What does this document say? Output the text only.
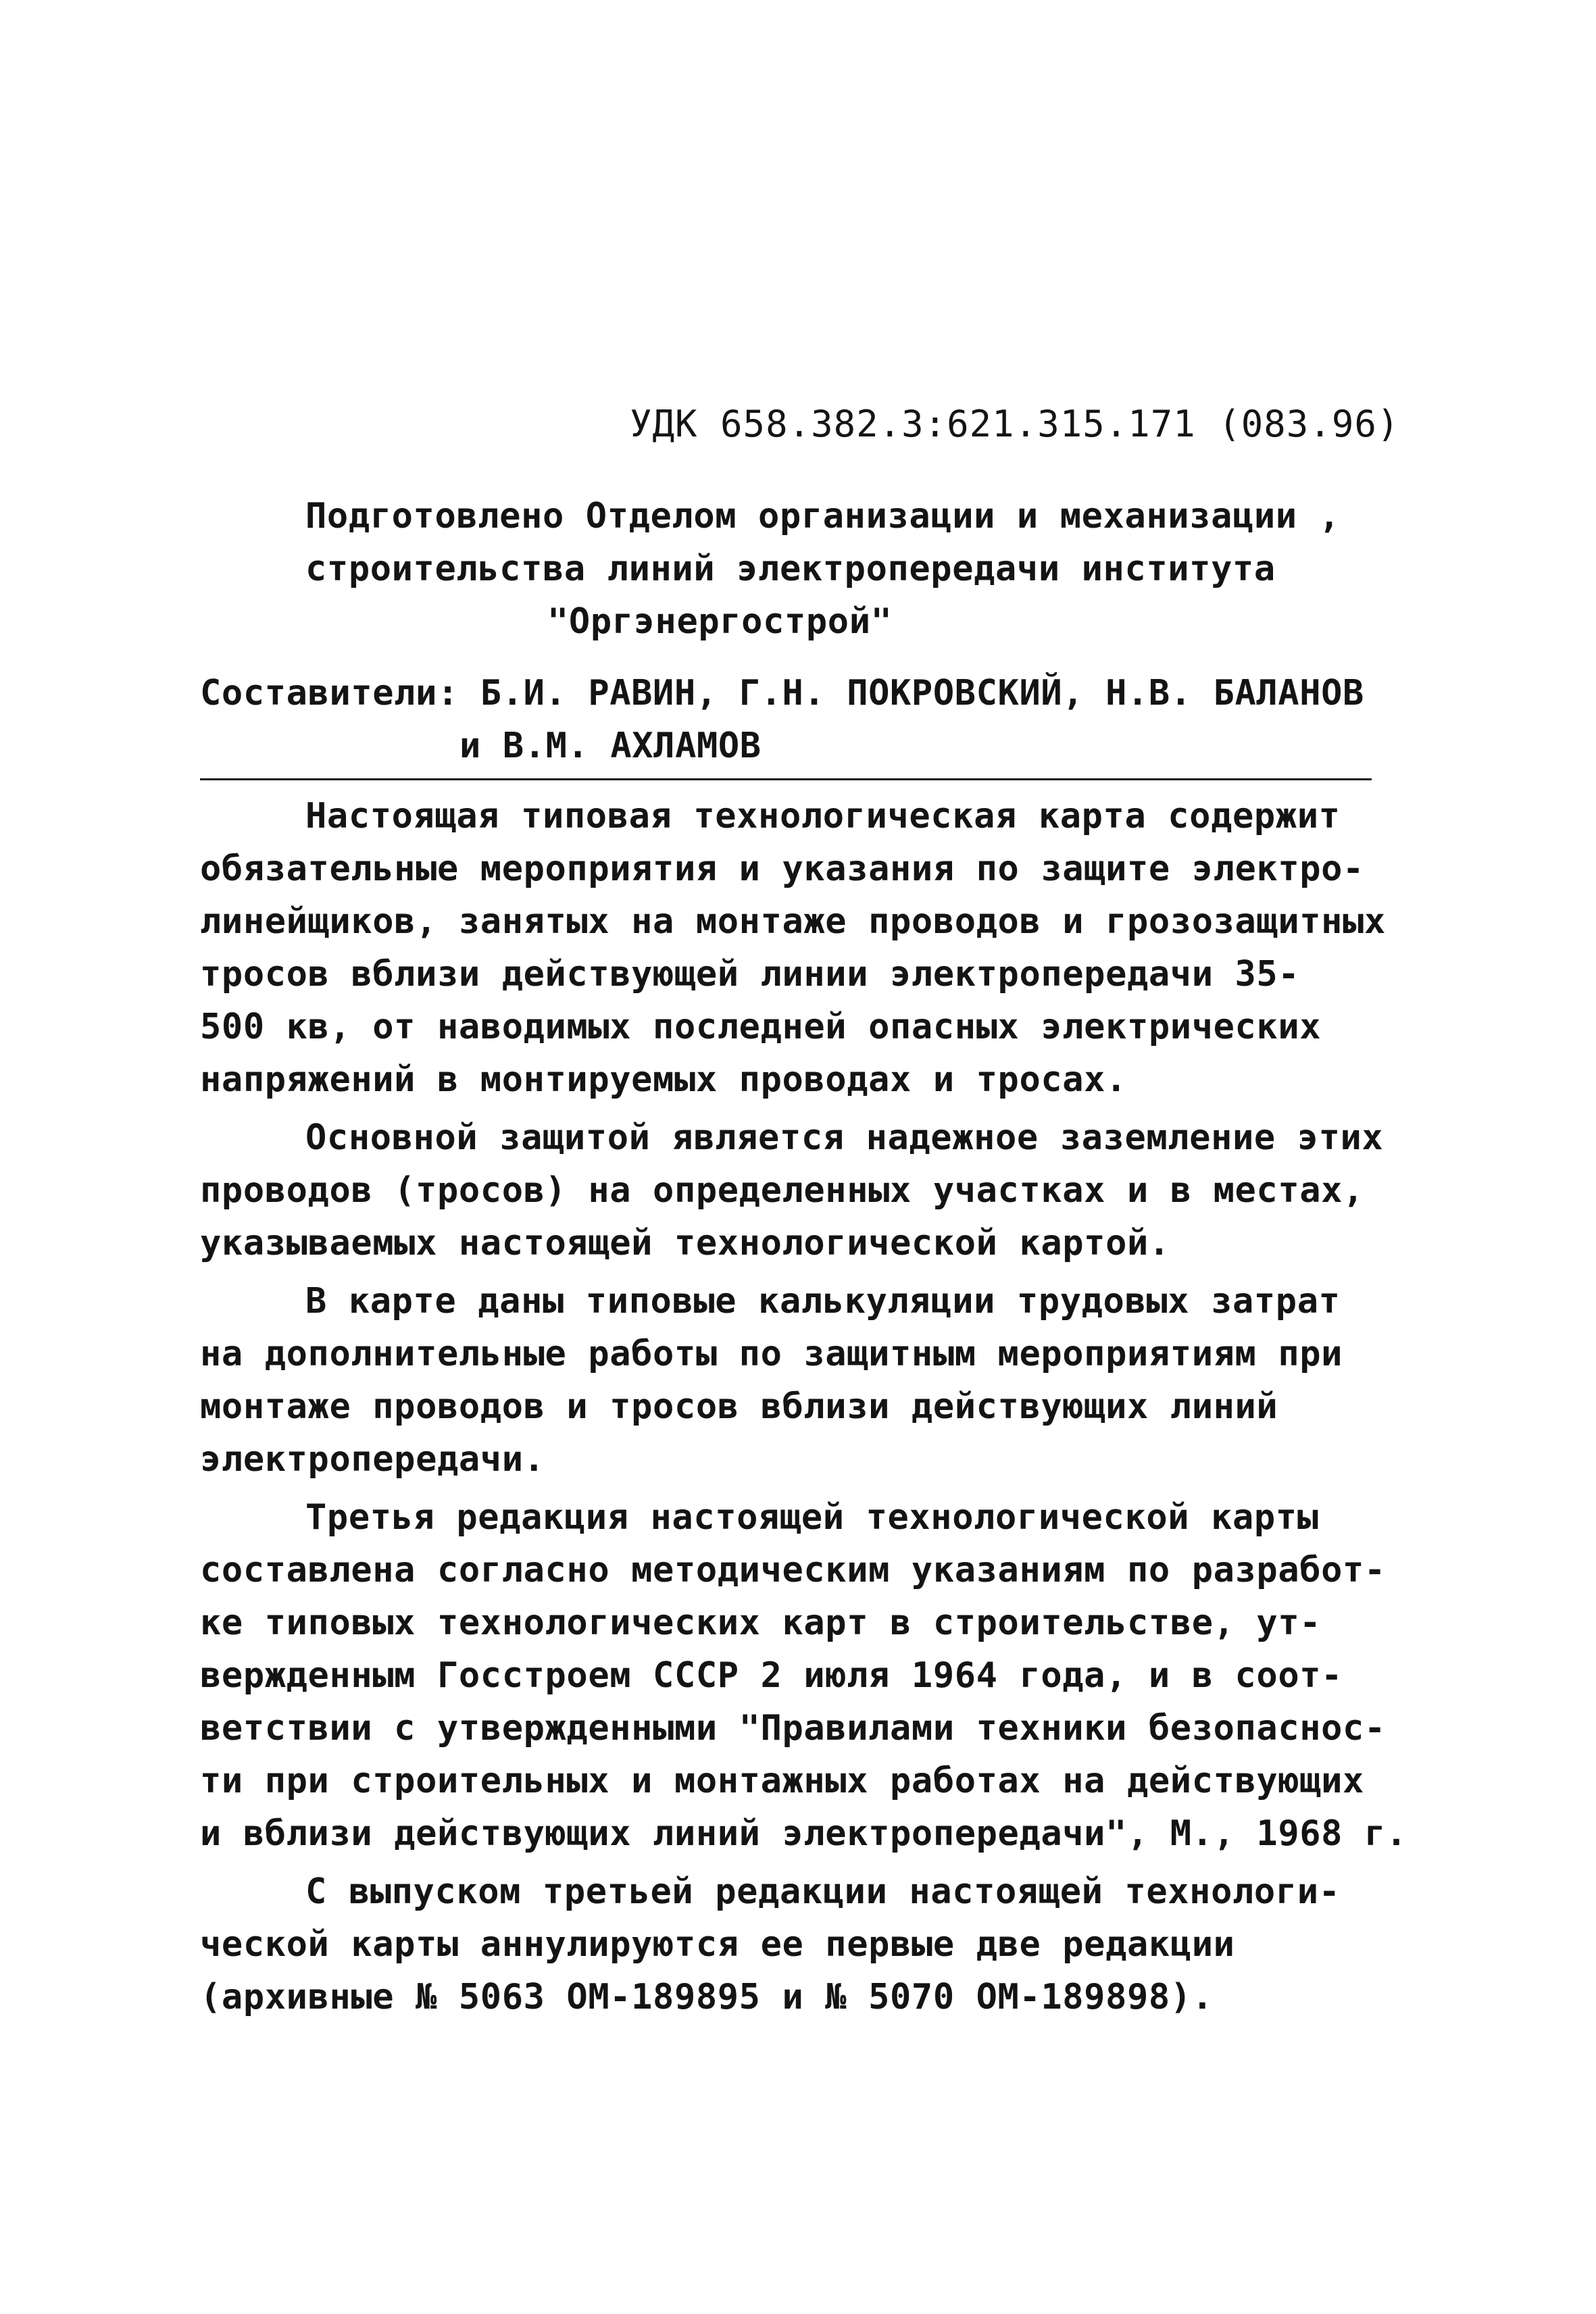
УДК 658.382.3:621.315.171 (083.96)
Подготовлено Отделом организации и механизации ,
строительства линий электропередачи института
"Оргэнергострой"
Составители: Б.И. РАВИН, Г.Н. ПОКРОВСКИЙ, Н.В. БАЛАНОВ
и В.М. АХЛАМОВ
Настоящая типовая технологическая карта содержит
обязательные мероприятия и указания по защите электро-
линейщиков, занятых на монтаже проводов и грозозащитных
тросов вблизи действующей линии электропередачи 35-
500 кв, от наводимых последней опасных электрических
напряжений в монтируемых проводах и тросах.
Основной защитой является надежное заземление этих
проводов (тросов) на определенных участках и в местах,
указываемых настоящей технологической картой.
В карте даны типовые калькуляции трудовых затрат
на дополнительные работы по защитным мероприятиям при
монтаже проводов и тросов вблизи действующих линий
электропередачи.
Третья редакция настоящей технологической карты
составлена согласно методическим указаниям по разработ-
ке типовых технологических карт в строительстве, ут-
вержденным Госстроем СССР 2 июля 1964 года, и в соот-
ветствии с утвержденными "Правилами техники безопаснос-
ти при строительных и монтажных работах на действующих
и вблизи действующих линий электропередачи", М., 1968 г.
С выпуском третьей редакции настоящей технологи-
ческой карты аннулируются ее первые две редакции
(архивные № 5063 ОМ-189895 и № 5070 ОМ-189898).
